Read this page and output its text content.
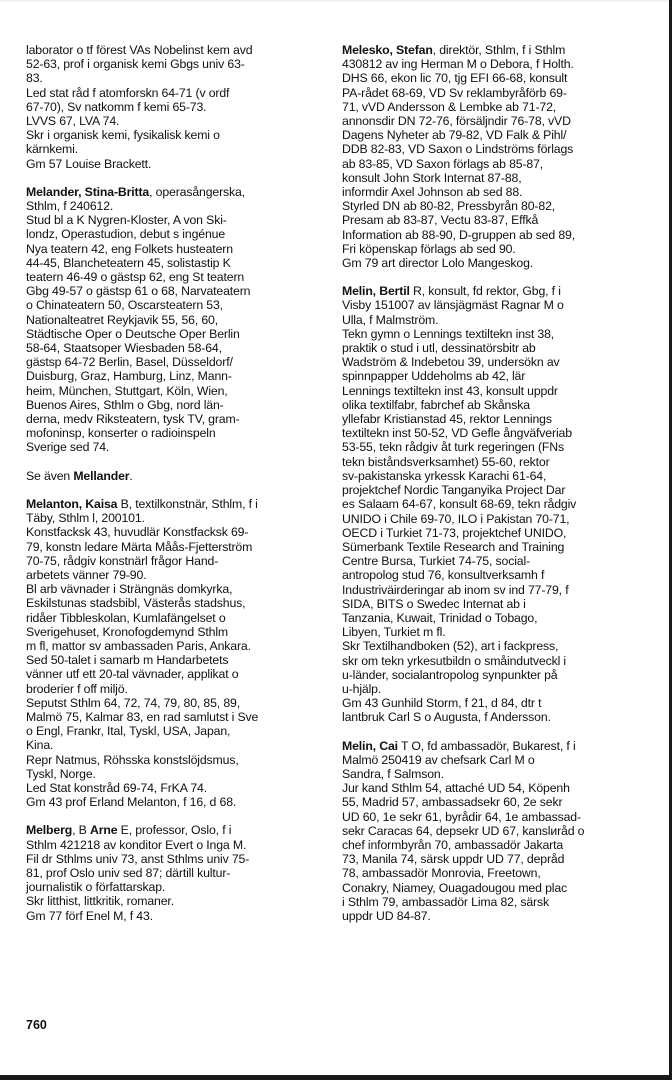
laborator o tf förest VAs Nobelinst kem avd
52-63, prof i organisk kemi Gbgs univ 63-
83.
Led stat råd f atomforskn 64-71 (v ordf
67-70), Sv natkomm f kemi 65-73.
LVVS 67, LVA 74.
Skr i organisk kemi, fysikalisk kemi o
kärnkemi.
Gm 57 Louise Brackett.
Melander, Stina-Britta, operasångerska,
Sthlm, f 240612.
Stud bl a K Nygren-Kloster, A von Ski-
londz, Operastudion, debut s ingénue
Nya teatern 42, eng Folkets husteatern
44-45, Blancheteatern 45, solistastip K
teatern 46-49 o gästsp 62, eng St teatern
Gbg 49-57 o gästsp 61 o 68, Narvateatern
o Chinateatern 50, Oscarsteatern 53,
Nationalteatret Reykjavik 55, 56, 60,
Städtische Oper o Deutsche Oper Berlin
58-64, Staatsoper Wiesbaden 58-64,
gästsp 64-72 Berlin, Basel, Düsseldorf/
Duisburg, Graz, Hamburg, Linz, Mann-
heim, München, Stuttgart, Köln, Wien,
Buenos Aires, Sthlm o Gbg, nord län-
derna, medv Riksteatern, tysk TV, gram-
mofoninsp, konserter o radioinspeln
Sverige sed 74.
Se även Mellander.
Melanton, Kaisa B, textilkonstnär, Sthlm, f i
Täby, Sthlm l, 200101.
Konstfacksk 43, huvudlär Konstfacksk 69-
79, konstn ledare Märta Måås-Fjetterström
70-75, rådgiv konstnärl frågor Hand-
arbetets vänner 79-90.
Bl arb vävnader i Strängnäs domkyrka,
Eskilstunas stadsbibl, Västerås stadshus,
ridåer Tibbleskolan, Kumlafängelset o
Sverigehuset, Kronofogdemynd Sthlm
m fl, mattor sv ambassaden Paris, Ankara.
Sed 50-talet i samarb m Handarbetets
vänner utf ett 20-tal vävnader, applikat o
broderier f off miljö.
Seputst Sthlm 64, 72, 74, 79, 80, 85, 89,
Malmö 75, Kalmar 83, en rad samlutst i Sve
o Engl, Frankr, Ital, Tyskl, USA, Japan,
Kina.
Repr Natmus, Röhsska konstslöjdsmus,
Tyskl, Norge.
Led Stat konstråd 69-74, FrKA 74.
Gm 43 prof Erland Melanton, f 16, d 68.
Melberg, B Arne E, professor, Oslo, f i
Sthlm 421218 av konditor Evert o Inga M.
Fil dr Sthlms univ 73, anst Sthlms univ 75-
81, prof Oslo univ sed 87; därtill kultur-
journalistik o författarskap.
Skr litthist, littkritik, romaner.
Gm 77 förf Enel M, f 43.
Melesko, Stefan, direktör, Sthlm, f i Sthlm
430812 av ing Herman M o Debora, f Holth.
DHS 66, ekon lic 70, tjg EFI 66-68, konsult
PA-rådet 68-69, VD Sv reklambyråförb 69-
71, vVD Andersson & Lembke ab 71-72,
annonsdir DN 72-76, försäljndir 76-78, vVD
Dagens Nyheter ab 79-82, VD Falk & Pihl/
DDB 82-83, VD Saxon o Lindströms förlags
ab 83-85, VD Saxon förlags ab 85-87,
konsult John Stork Internat 87-88,
informdir Axel Johnson ab sed 88.
Styrled DN ab 80-82, Pressbyrån 80-82,
Presam ab 83-87, Vectu 83-87, Effkå
Information ab 88-90, D-gruppen ab sed 89,
Fri köpenskap förlags ab sed 90.
Gm 79 art director Lolo Mangeskog.
Melin, Bertil R, konsult, fd rektor, Gbg, f i
Visby 151007 av länsjägmäst Ragnar M o
Ulla, f Malmström.
Tekn gymn o Lennings textiltekn inst 38,
praktik o stud i utl, dessinatörsbitr ab
Wadström & Indebetou 39, undersökn av
spinnpapper Uddeholms ab 42, lär
Lennings textiltekn inst 43, konsult uppdr
olika textilfabr, fabrchef ab Skånska
yllefabr Kristianstad 45, rektor Lennings
textiltekn inst 50-52, VD Gefle ångväfveriab
53-55, tekn rådgiv åt turk regeringen (FNs
tekn biståndsverksamhet) 55-60, rektor
sv-pakistanska yrkessk Karachi 61-64,
projektchef Nordic Tanganyika Project Dar
es Salaam 64-67, konsult 68-69, tekn rådgiv
UNIDO i Chile 69-70, ILO i Pakistan 70-71,
OECD i Turkiet 71-73, projektchef UNIDO,
Sümerbank Textile Research and Training
Centre Bursa, Turkiet 74-75, social-
antropolog stud 76, konsultverksamh f
Industriväirderingar ab inom sv ind 77-79, f
SIDA, BITS o Swedec Internat ab i
Tanzania, Kuwait, Trinidad o Tobago,
Libyen, Turkiet m fl.
Skr Textilhandboken (52), art i fackpress,
skr om tekn yrkesutbildn o småindutveckl i
u-länder, socialantropolog synpunkter på
u-hjälp.
Gm 43 Gunhild Storm, f 21, d 84, dtr t
lantbruk Carl S o Augusta, f Andersson.
Melin, Cai T O, fd ambassadör, Bukarest, f i
Malmö 250419 av chefsark Carl M o
Sandra, f Salmson.
Jur kand Sthlm 54, attaché UD 54, Köpenh
55, Madrid 57, ambassadsekr 60, 2e sekr
UD 60, 1e sekr 61, byrådir 64, 1e ambassad-
sekr Caracas 64, depsekr UD 67, kanslиråd o
chef informbyrån 70, ambassadör Jakarta
73, Manila 74, särsk uppdr UD 77, depråd
78, ambassadör Monrovia, Freetown,
Conakry, Niamey, Ouagadougou med plac
i Sthlm 79, ambassadör Lima 82, särsk
uppdr UD 84-87.
760
